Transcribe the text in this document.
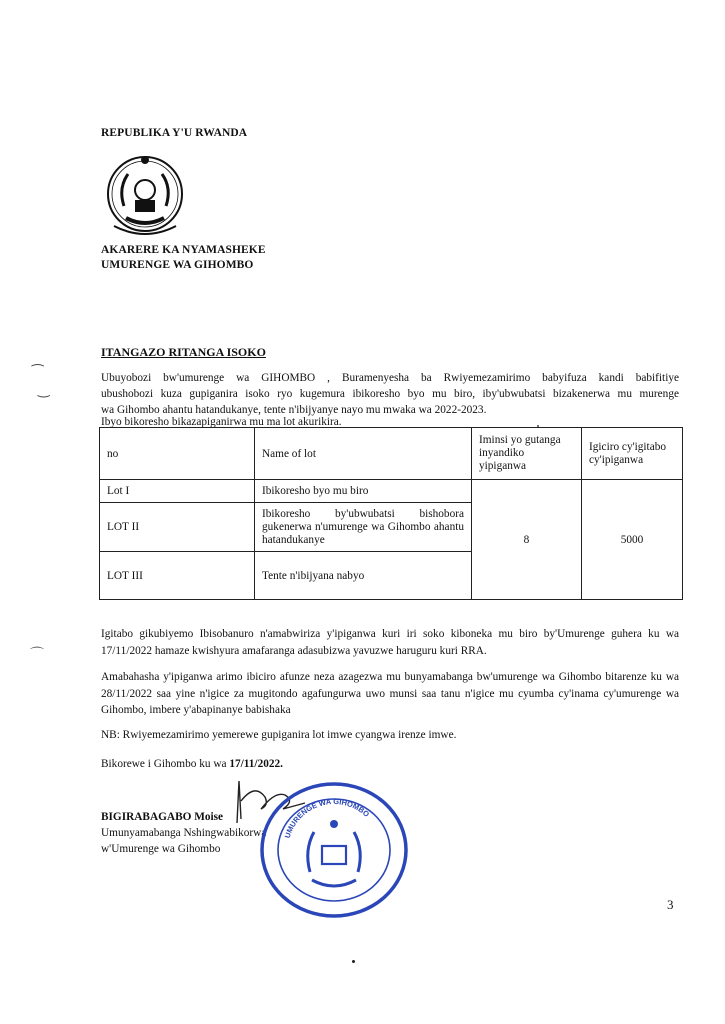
REPUBLIKA Y'U RWANDA
AKARERE KA NYAMASHEKE
UMURENGE WA GIHOMBO
⁀
‿
⌒
ITANGAZO RITANGA ISOKO
Ubuyobozi bw'umurenge wa GIHOMBO , Buramenyesha ba Rwiyemezamirimo babyifuza kandi babifitiye
ubushobozi kuza gupiganira isoko ryo kugemura ibikoresho byo mu biro, iby'ubwubatsi bizakenerwa mu murenge
wa Gihombo ahantu hatandukanye, tente n'ibijyanye nayo mu mwaka wa 2022-2023.
Ibyo bikoresho bikazapiganirwa mu ma lot akurikira.
no	Name of lot	Iminsi yo gutanga inyandiko yipiganwa	Igiciro cy'igitabo cy'ipiganwa
Lot I	Ibikoresho byo mu biro	8	5000
LOT II	Ibikoresho by'ubwubatsi bishobora gukenerwa n'umurenge wa Gihombo ahantu hatandukanye		
LOT III	Tente n'ibijyana nabyo		
Igitabo gikubiyemo Ibisobanuro n'amabwiriza y'ipiganwa kuri iri soko kiboneka mu biro by'Umurenge guhera ku wa 17/11/2022 hamaze kwishyura amafaranga adasubizwa yavuzwe haruguru kuri RRA.
Amabahasha y'ipiganwa arimo ibiciro afunze neza azagezwa mu bunyamabanga bw'umurenge wa Gihombo bitarenze ku wa 28/11/2022 saa yine n'igice za mugitondo agafungurwa uwo munsi saa tanu n'igice mu cyumba cy'inama cy'umurenge wa Gihombo, imbere y'abapinanye babishaka
NB: Rwiyemezamirimo yemerewe gupiganira lot imwe cyangwa irenze imwe.
Bikorewe i Gihombo ku wa 17/11/2022.
BIGIRABAGABO Moise
Umunyamabanga Nshingwabikorwa
w'Umurenge wa Gihombo
UMURENGE WA GIHOMBO
3
